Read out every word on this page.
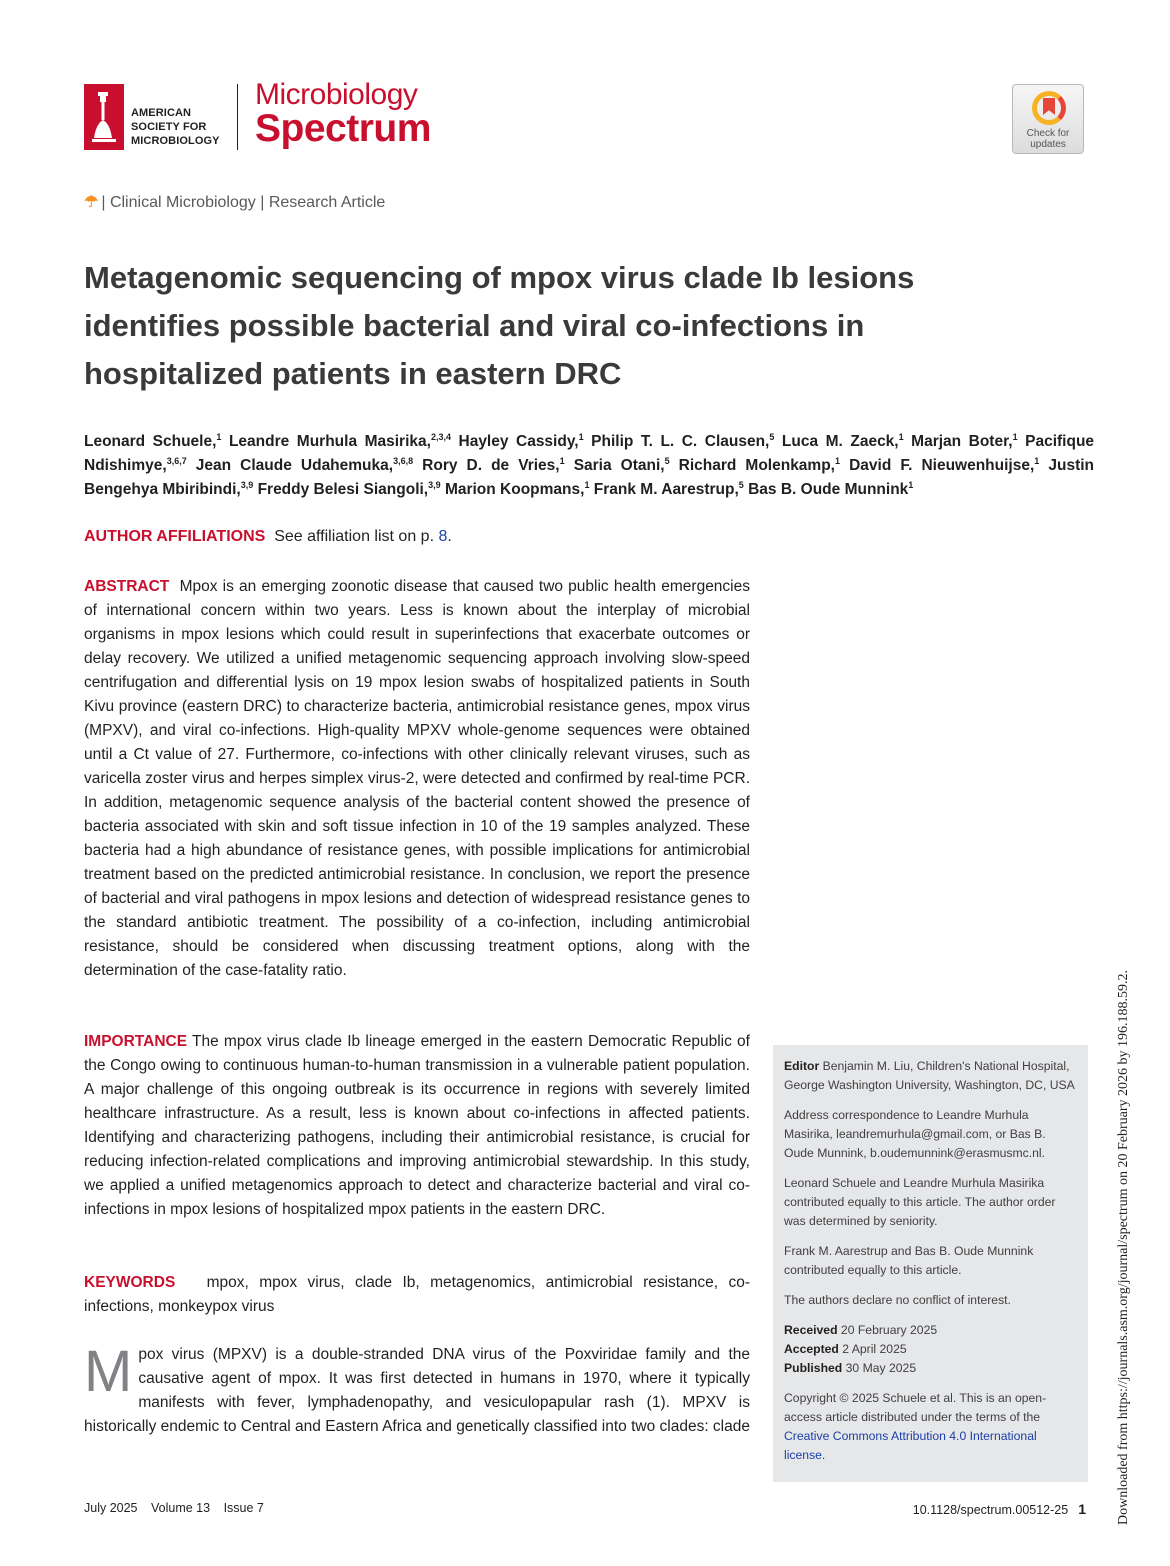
AMERICAN
SOCIETY FOR
MICROBIOLOGY
Microbiology
Spectrum	Check for updates
☂ | Clinical Microbiology | Research Article
Metagenomic sequencing of mpox virus clade Ib lesions identifies possible bacterial and viral co-infections in hospitalized patients in eastern DRC
Leonard Schuele,$^1$ Leandre Murhula Masirika,$^{2,3,4}$ Hayley Cassidy,$^1$ Philip T. L. C. Clausen,$^5$ Luca M. Zaeck,$^1$ Marjan Boter,$^1$ Pacifique Ndishimye,$^{3,6,7}$ Jean Claude Udahemuka,$^{3,6,8}$ Rory D. de Vries,$^1$ Saria Otani,$^5$ Richard Molenkamp,$^1$ David F. Nieuwenhuijse,$^1$ Justin Bengehya Mbiribindi,$^{3,9}$ Freddy Belesi Siangoli,$^{3,9}$ Marion Koopmans,$^1$ Frank M. Aarestrup,$^5$ Bas B. Oude Munnink$^1$
AUTHOR AFFILIATIONS See affiliation list on p. 8.
ABSTRACT Mpox is an emerging zoonotic disease that caused two public health emergencies of international concern within two years. Less is known about the interplay of microbial organisms in mpox lesions which could result in superinfections that exacerbate outcomes or delay recovery. We utilized a unified metagenomic sequencing approach involving slow-speed centrifugation and differential lysis on 19 mpox lesion swabs of hospitalized patients in South Kivu province (eastern DRC) to characterize bacteria, antimicrobial resistance genes, mpox virus (MPXV), and viral co-infections. High-quality MPXV whole-genome sequences were obtained until a Ct value of 27. Furthermore, co-infections with other clinically relevant viruses, such as varicella zoster virus and herpes simplex virus-2, were detected and confirmed by real-time PCR. In addition, metagenomic sequence analysis of the bacterial content showed the presence of bacteria associated with skin and soft tissue infection in 10 of the 19 samples analyzed. These bacteria had a high abundance of resistance genes, with possible implications for antimicrobial treatment based on the predicted antimicrobial resistance. In conclusion, we report the presence of bacterial and viral pathogens in mpox lesions and detection of widespread resistance genes to the standard antibiotic treatment. The possibility of a co-infection, including antimicrobial resistance, should be considered when discussing treatment options, along with the determination of the case-fatality ratio.
IMPORTANCE The mpox virus clade Ib lineage emerged in the eastern Democratic Republic of the Congo owing to continuous human-to-human transmission in a vulnerable patient population. A major challenge of this ongoing outbreak is its occurrence in regions with severely limited healthcare infrastructure. As a result, less is known about co-infections in affected patients. Identifying and characterizing pathogens, including their antimicrobial resistance, is crucial for reducing infection-related complications and improving antimicrobial stewardship. In this study, we applied a unified metagenomics approach to detect and characterize bacterial and viral co-infections in mpox lesions of hospitalized mpox patients in the eastern DRC.
KEYWORDS mpox, mpox virus, clade Ib, metagenomics, antimicrobial resistance, co-infections, monkeypox virus
Mpox virus (MPXV) is a double-stranded DNA virus of the Poxviridae family and the causative agent of mpox. It was first detected in humans in 1970, where it typically manifests with fever, lymphadenopathy, and vesiculopapular rash (1). MPXV is historically endemic to Central and Eastern Africa and genetically classified into two clades: clade

Editor Benjamin M. Liu, Children's National Hospital, George Washington University, Washington, DC, USA

Address correspondence to Leandre Murhula Masirika, leandremurhula@gmail.com, or Bas B. Oude Munnink, b.oudemunnink@erasmusmc.nl.

Leonard Schuele and Leandre Murhula Masirika contributed equally to this article. The author order was determined by seniority.

Frank M. Aarestrup and Bas B. Oude Munnink contributed equally to this article.

The authors declare no conflict of interest.

Received 20 February 2025
Accepted 2 April 2025
Published 30 May 2025

Copyright © 2025 Schuele et al. This is an open-access article distributed under the terms of the Creative Commons Attribution 4.0 International license.

July 2025 Volume 13 Issue 7	10.1128/spectrum.00512-25 1 Downloaded from https://journals.asm.org/journal/spectrum on 20 February 2026 by 196.188.59.2.
